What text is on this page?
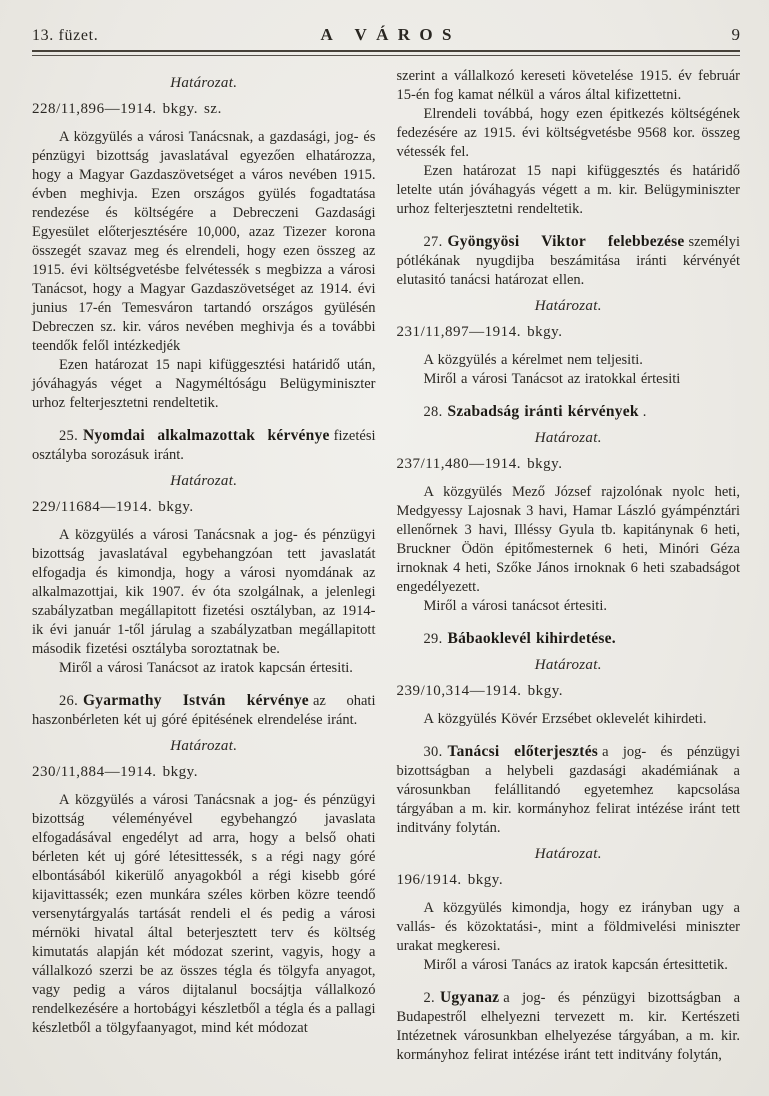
13. füzet.	A VÁROS	9
Határozat.
228/11,896—1914. bkgy. sz.

A közgyülés a városi Tanácsnak, a gazdasági, jog- és pénzügyi bizottság javaslatával egyezően elhatározza, hogy a Magyar Gazdaszövetséget a város nevében 1915. évben meghivja. Ezen országos gyülés fogadtatása rendezése és költségére a Debreczeni Gazdasági Egyesület előterjesztésére 10,000, azaz Tizezer korona összegét szavaz meg és elrendeli, hogy ezen összeg az 1915. évi költségvetésbe felvétessék s megbizza a városi Tanácsot, hogy a Magyar Gazdaszövetséget az 1914. évi junius 17-én Temesváron tartandó országos gyülésén Debreczen sz. kir. város nevében meghivja és a további teendők felől intézkedjék

Ezen határozat 15 napi kifüggesztési határidő után, jóváhagyás véget a Nagyméltóságu Belügyminiszter urhoz felterjesztetni rendeltetik.

25. Nyomdai alkalmazottak kérvénye fizetési osztályba sorozásuk iránt.

Határozat.
229/11684—1914. bkgy.

A közgyülés a városi Tanácsnak a jog- és pénzügyi bizottság javaslatával egybehangzóan tett javaslatát elfogadja és kimondja, hogy a városi nyomdának az alkalmazottjai, kik 1907. év óta szolgálnak, a jelenlegi szabályzatban megállapitott fizetési osztályban, az 1914-ik évi január 1-től járulag a szabályzatban megállapitott második fizetési osztályba soroztatnak be.

Miről a városi Tanácsot az iratok kapcsán értesiti.

26. Gyarmathy István kérvénye az ohati haszonbérleten két uj góré épitésének elrendelése iránt.

Határozat.
230/11,884—1914. bkgy.

A közgyülés a városi Tanácsnak a jog- és pénzügyi bizottság véleményével egybehangzó javaslata elfogadásával engedélyt ad arra, hogy a belső ohati bérleten két uj góré létesittessék, s a régi nagy góré elbontásából kikerülő anyagokból a régi kisebb góré kijavittassék; ezen munkára széles körben közre teendő versenytárgyalás tartását rendeli el és pedig a városi mérnöki hivatal által beterjesztett terv és költség kimutatás alapján két módozat szerint, vagyis, hogy a vállalkozó szerzi be az összes tégla és tölgyfa anyagot, vagy pedig a város dijtalanul bocsájtja vállalkozó rendelkezésére a hortobágyi készletből a tégla és a pallagi készletből a tölgyfaanyagot, mind két módozat

szerint a vállalkozó kereseti követelése 1915. év február 15-én fog kamat nélkül a város által kifizettetni.

Elrendeli továbbá, hogy ezen épitkezés költségének fedezésére az 1915. évi költségvetésbe 9568 kor. összeg vétessék fel.

Ezen határozat 15 napi kifüggesztés és határidő letelte után jóváhagyás végett a m. kir. Belügyminiszter urhoz felterjesztetni rendeltetik.

27. Gyöngyösi Viktor felebbezése személyi pótlékának nyugdijba beszámitása iránti kérvényét elutasitó tanácsi határozat ellen.

Határozat.
231/11,897—1914. bkgy.

A közgyülés a kérelmet nem teljesiti.

Miről a városi Tanácsot az iratokkal értesiti

28. Szabadság iránti kérvények .

Határozat.
237/11,480—1914. bkgy.

A közgyülés Mező József rajzolónak nyolc heti, Medgyessy Lajosnak 3 havi, Hamar László gyámpénztári ellenőrnek 3 havi, Illéssy Gyula tb. kapitánynak 6 heti, Bruckner Ödön épitőmesternek 6 heti, Minóri Géza irnoknak 4 heti, Szőke János irnoknak 6 heti szabadságot engedélyezett.

Miről a városi tanácsot értesiti.

29. Bábaoklevél kihirdetése.

Határozat.
239/10,314—1914. bkgy.

A közgyülés Kövér Erzsébet oklevelét kihirdeti.

30. Tanácsi előterjesztés a jog- és pénzügyi bizottságban a helybeli gazdasági akadémiának a városunkban felállitandó egyetemhez kapcsolása tárgyában a m. kir. kormányhoz felirat intézése iránt tett inditvány folytán.

Határozat.
196/1914. bkgy.

A közgyülés kimondja, hogy ez irányban ugy a vallás- és közoktatási-, mint a földmivelési miniszter urakat megkeresi.

Miről a városi Tanács az iratok kapcsán értesittetik.

2. Ugyanaz a jog- és pénzügyi bizottságban a Budapestről elhelyezni tervezett m. kir. Kertészeti Intézetnek városunkban elhelyezése tárgyában, a m. kir. kormányhoz felirat intézése iránt tett inditvány folytán,
